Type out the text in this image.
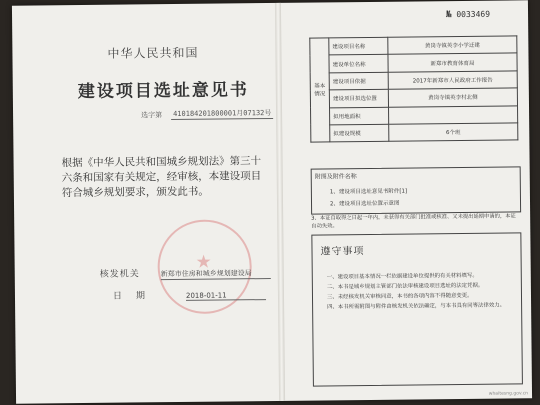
中华人民共和国
建设项目选址意见书
选字第 410184201800001月07132号
根据《中华人民共和国城乡规划法》第三十六条和国家有关规定，经审核，本建设项目符合城乡规划要求，颁发此书。
★
核发机关	新郑市住房和城乡规划建设局
日期	2018-01-11
№ 0033469
基本情况	建设项目名称	黄岗寺镇英李小学迁建
	建设单位名称	新郑市教育体育局
	建设项目依据	2017年新郑市人民政府工作报告
	建设项目拟选位置	黄岗寺镇英李村北侧
	拟用地面积	
	拟建设规模	6个班
附图及附件名称
1、建设项目选址意见书附件[1]
2、建设项目选址位置示意图
3、本证自取得之日起一年内，未获得有关部门批准或核准、又未提出延期申请的，本证自动失效。
遵守事项
一、建设项目基本情况一栏依据建设单位提供的有关材料填写。
二、本书是城乡规划主管部门依法审核建设项目选址的法定凭据。
三、未经核发机关审核同意，本书的各项内容不得随意变更。
四、本书所需附图与附件由核发机关依法确定，与本书具有同等法律效力。
whaitesng.gov.cn
